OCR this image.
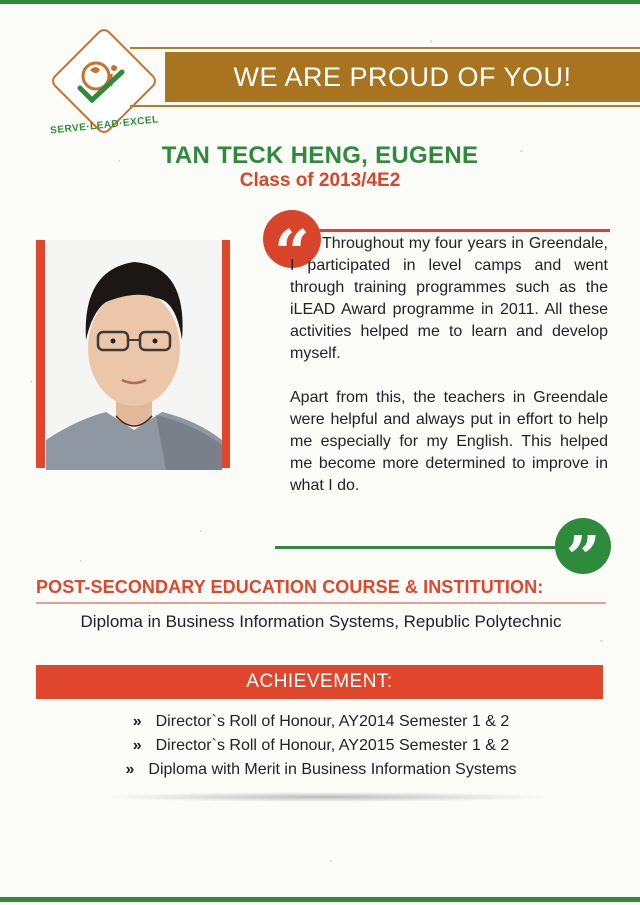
SERVE·LEAD·EXCEL
WE ARE PROUD OF YOU!
TAN TECK HENG, EUGENE
Class of 2013/4E2
“ Throughout my four years in Greendale, I participated in level camps and went through training programmes such as the iLEAD Award programme in 2011. All these activities helped me to learn and develop myself.

Apart from this, the teachers in Greendale were helpful and always put in effort to help me especially for my English. This helped me become more determined to improve in what I do.

”
POST-SECONDARY EDUCATION COURSE & INSTITUTION:
Diploma in Business Information Systems, Republic Polytechnic
ACHIEVEMENT:
» Director`s Roll of Honour, AY2014 Semester 1 & 2
» Director`s Roll of Honour, AY2015 Semester 1 & 2
» Diploma with Merit in Business Information Systems
